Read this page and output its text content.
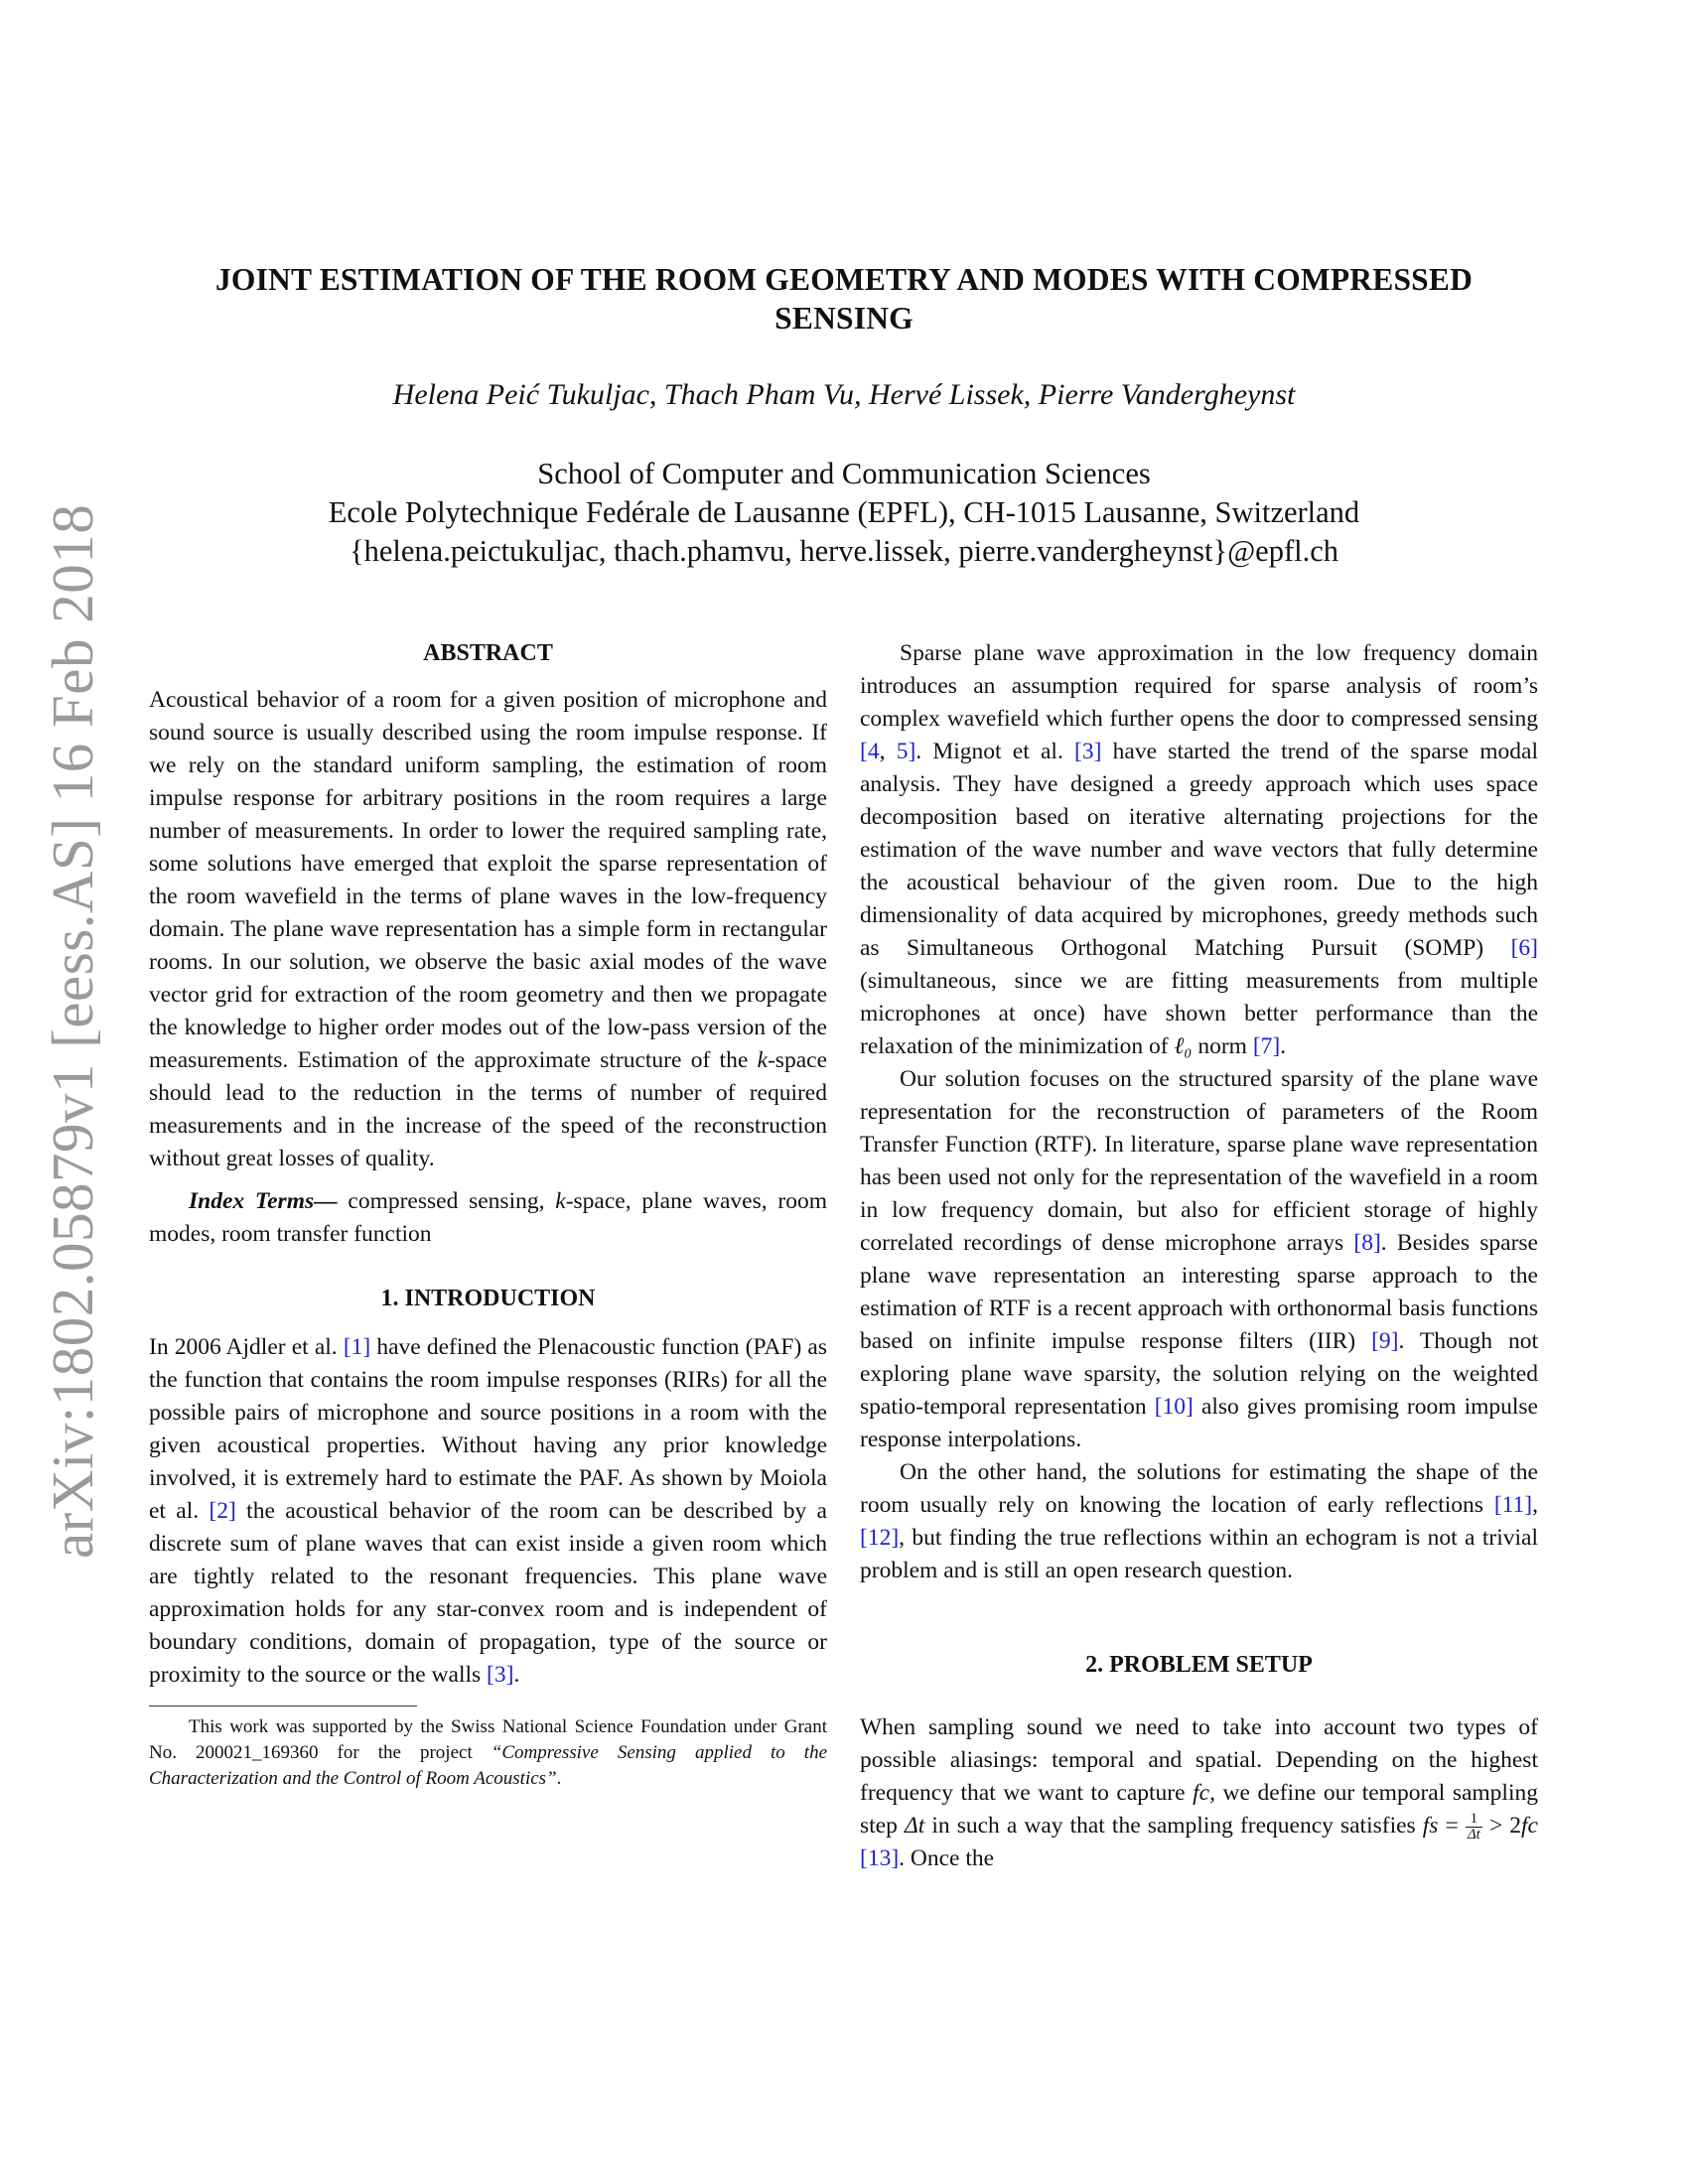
arXiv:1802.05879v1 [eess.AS] 16 Feb 2018
JOINT ESTIMATION OF THE ROOM GEOMETRY AND MODES WITH COMPRESSED SENSING
Helena Peić Tukuljac, Thach Pham Vu, Hervé Lissek, Pierre Vandergheynst
School of Computer and Communication Sciences
Ecole Polytechnique Fedérale de Lausanne (EPFL), CH-1015 Lausanne, Switzerland
{helena.peictukuljac, thach.phamvu, herve.lissek, pierre.vandergheynst}@epfl.ch
ABSTRACT

Acoustical behavior of a room for a given position of microphone and sound source is usually described using the room impulse response. If we rely on the standard uniform sampling, the estimation of room impulse response for arbitrary positions in the room requires a large number of measurements. In order to lower the required sampling rate, some solutions have emerged that exploit the sparse representation of the room wavefield in the terms of plane waves in the low-frequency domain. The plane wave representation has a simple form in rectangular rooms. In our solution, we observe the basic axial modes of the wave vector grid for extraction of the room geometry and then we propagate the knowledge to higher order modes out of the low-pass version of the measurements. Estimation of the approximate structure of the k-space should lead to the reduction in the terms of number of required measurements and in the increase of the speed of the reconstruction without great losses of quality.

Index Terms— compressed sensing, k-space, plane waves, room modes, room transfer function

1. INTRODUCTION

In 2006 Ajdler et al. [1] have defined the Plenacoustic function (PAF) as the function that contains the room impulse responses (RIRs) for all the possible pairs of microphone and source positions in a room with the given acoustical properties. Without having any prior knowledge involved, it is extremely hard to estimate the PAF. As shown by Moiola et al. [2] the acoustical behavior of the room can be described by a discrete sum of plane waves that can exist inside a given room which are tightly related to the resonant frequencies. This plane wave approximation holds for any star-convex room and is independent of boundary conditions, domain of propagation, type of the source or proximity to the source or the walls [3].

This work was supported by the Swiss National Science Foundation under Grant No. 200021_169360 for the project “Compressive Sensing applied to the Characterization and the Control of Room Acoustics”.

Sparse plane wave approximation in the low frequency domain introduces an assumption required for sparse analysis of room’s complex wavefield which further opens the door to compressed sensing [4, 5]. Mignot et al. [3] have started the trend of the sparse modal analysis. They have designed a greedy approach which uses space decomposition based on iterative alternating projections for the estimation of the wave number and wave vectors that fully determine the acoustical behaviour of the given room. Due to the high dimensionality of data acquired by microphones, greedy methods such as Simultaneous Orthogonal Matching Pursuit (SOMP) [6] (simultaneous, since we are fitting measurements from multiple microphones at once) have shown better performance than the relaxation of the minimization of ℓ₀ norm [7].

Our solution focuses on the structured sparsity of the plane wave representation for the reconstruction of parameters of the Room Transfer Function (RTF). In literature, sparse plane wave representation has been used not only for the representation of the wavefield in a room in low frequency domain, but also for efficient storage of highly correlated recordings of dense microphone arrays [8]. Besides sparse plane wave representation an interesting sparse approach to the estimation of RTF is a recent approach with orthonormal basis functions based on infinite impulse response filters (IIR) [9]. Though not exploring plane wave sparsity, the solution relying on the weighted spatio-temporal representation [10] also gives promising room impulse response interpolations.

On the other hand, the solutions for estimating the shape of the room usually rely on knowing the location of early reflections [11], [12], but finding the true reflections within an echogram is not a trivial problem and is still an open research question.

2. PROBLEM SETUP

When sampling sound we need to take into account two types of possible aliasings: temporal and spatial. Depending on the highest frequency that we want to capture fc, we define our temporal sampling step Δt in such a way that the sampling frequency satisfies fs = $\frac{1}{\Delta t} > 2fc$ [13]. Once the
